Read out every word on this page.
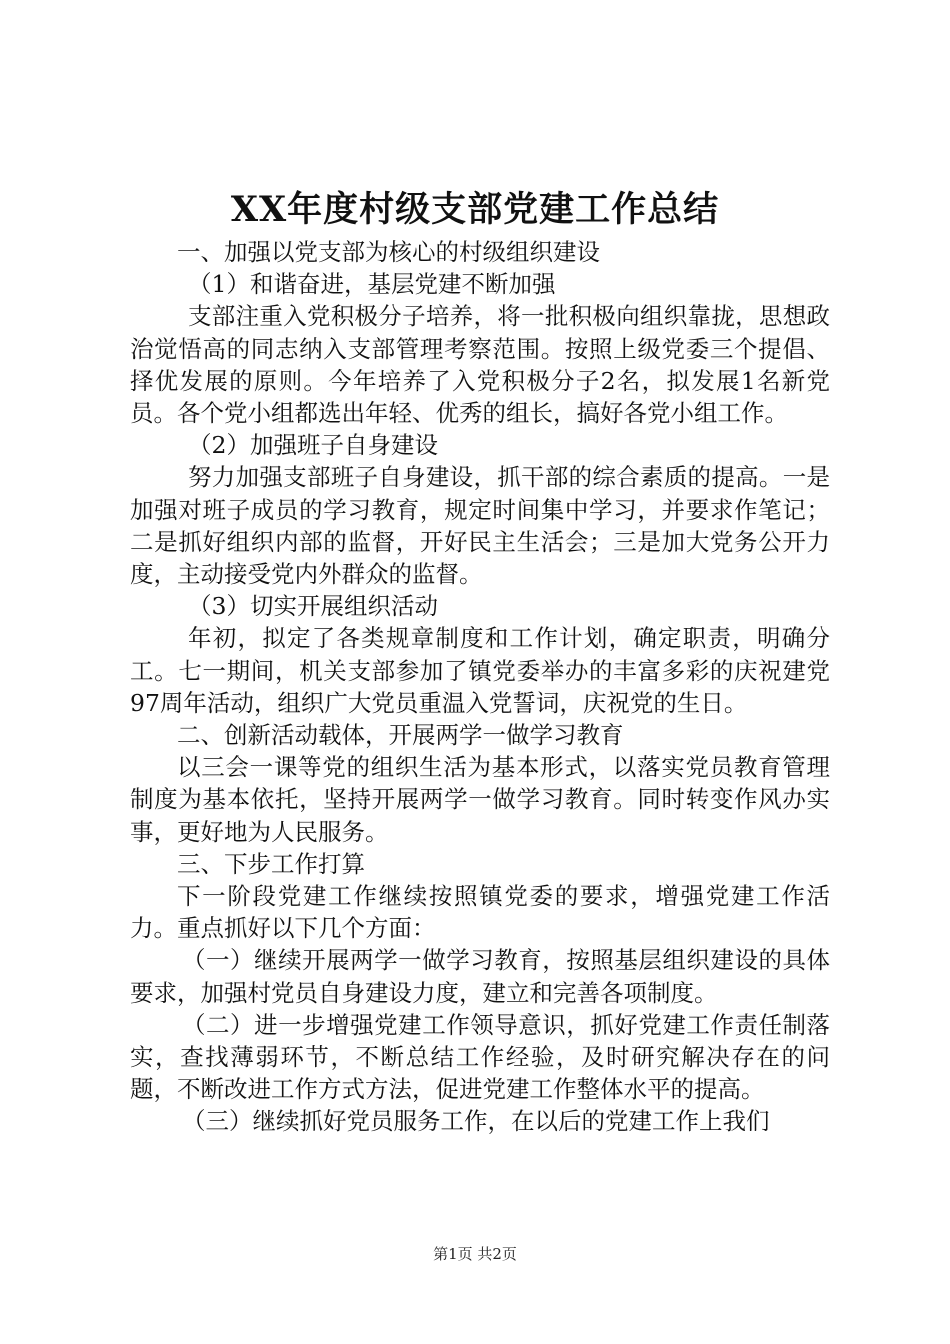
XX年度村级支部党建工作总结

一、加强以党支部为核心的村级组织建设

（1）和谐奋进，基层党建不断加强

支部注重入党积极分子培养，将一批积极向组织靠拢，思想政治觉悟高的同志纳入支部管理考察范围。按照上级党委三个提倡、择优发展的原则。今年培养了入党积极分子2名，拟发展1名新党员。各个党小组都选出年轻、优秀的组长，搞好各党小组工作。

（2）加强班子自身建设

努力加强支部班子自身建设，抓干部的综合素质的提高。一是加强对班子成员的学习教育，规定时间集中学习，并要求作笔记；二是抓好组织内部的监督，开好民主生活会；三是加大党务公开力度，主动接受党内外群众的监督。

（3）切实开展组织活动

年初，拟定了各类规章制度和工作计划，确定职责，明确分工。七一期间，机关支部参加了镇党委举办的丰富多彩的庆祝建党97周年活动，组织广大党员重温入党誓词，庆祝党的生日。

二、创新活动载体，开展两学一做学习教育

以三会一课等党的组织生活为基本形式，以落实党员教育管理制度为基本依托，坚持开展两学一做学习教育。同时转变作风办实事，更好地为人民服务。

三、下步工作打算

下一阶段党建工作继续按照镇党委的要求，增强党建工作活力。重点抓好以下几个方面：

（一）继续开展两学一做学习教育，按照基层组织建设的具体要求，加强村党员自身建设力度，建立和完善各项制度。

（二）进一步增强党建工作领导意识，抓好党建工作责任制落实，查找薄弱环节，不断总结工作经验，及时研究解决存在的问题，不断改进工作方式方法，促进党建工作整体水平的提高。

（三）继续抓好党员服务工作，在以后的党建工作上我们

第1页 共2页
